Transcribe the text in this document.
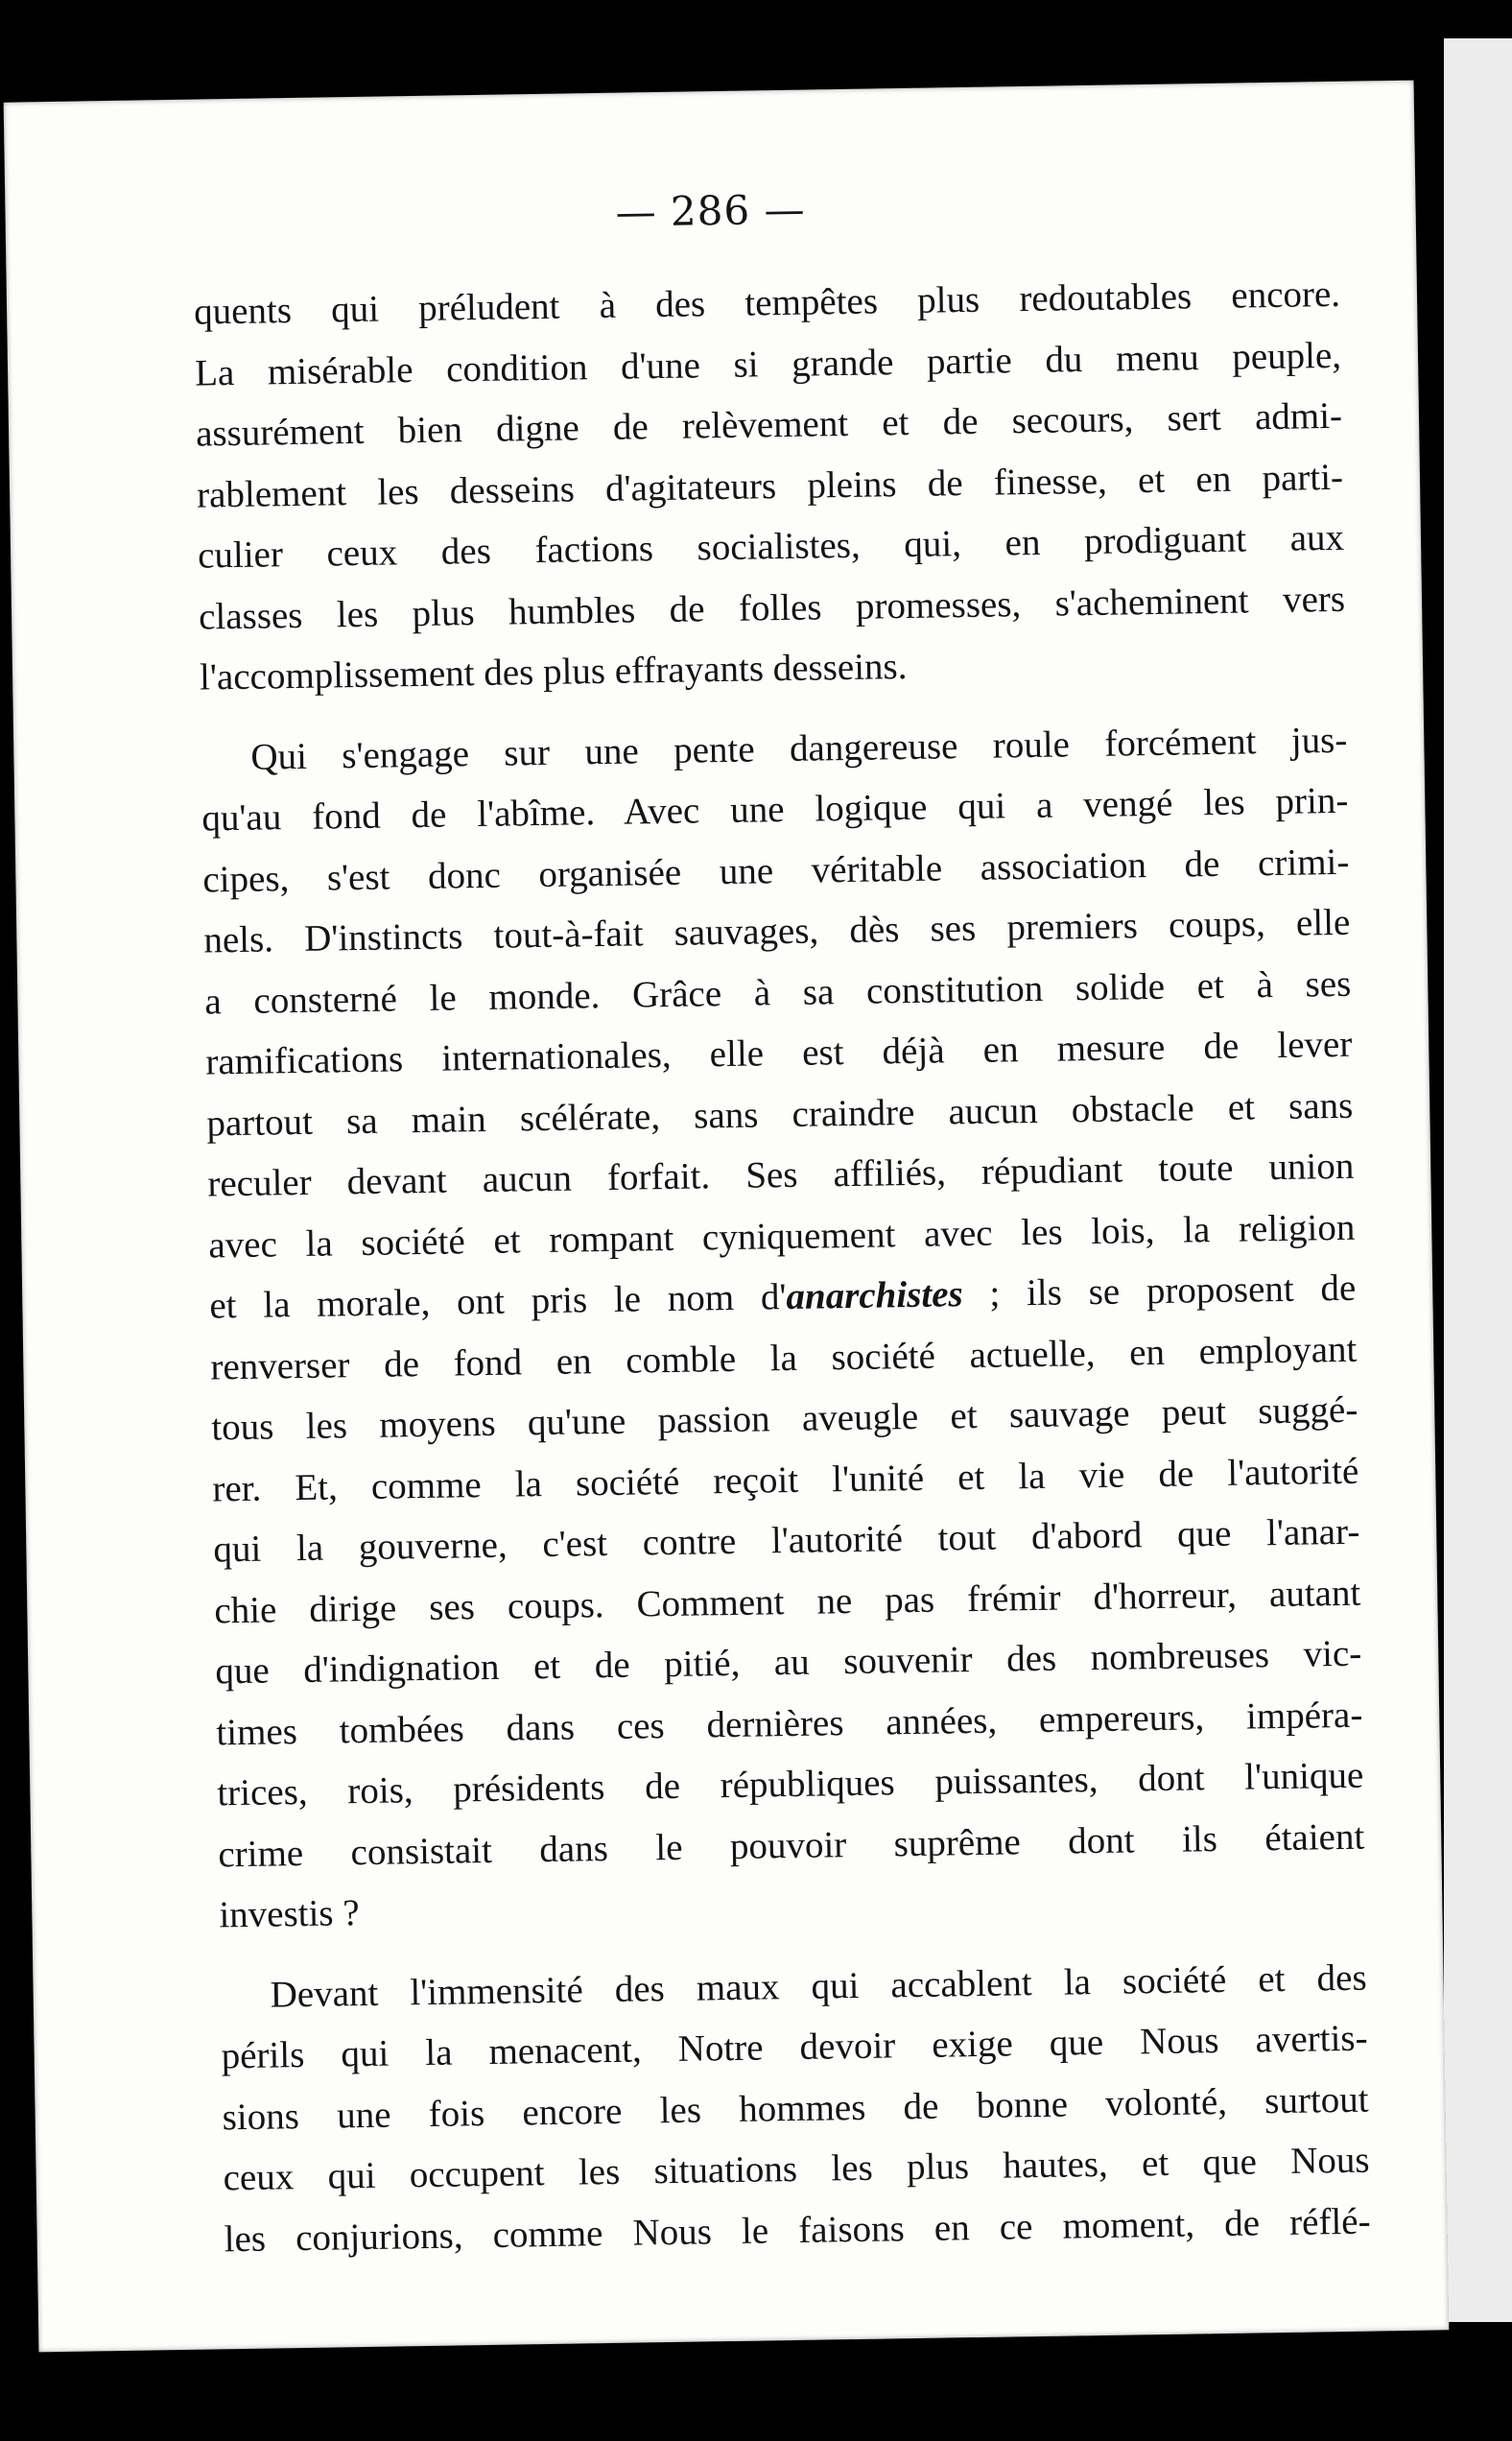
— 286 —
quents qui préludent à des tempêtes plus redoutables encore.
La misérable condition d'une si grande partie du menu peuple,
assurément bien digne de relèvement et de secours, sert admi-
rablement les desseins d'agitateurs pleins de finesse, et en parti-
culier ceux des factions socialistes, qui, en prodiguant aux
classes les plus humbles de folles promesses, s'acheminent vers
l'accomplissement des plus effrayants desseins.
Qui s'engage sur une pente dangereuse roule forcément jus-
qu'au fond de l'abîme. Avec une logique qui a vengé les prin-
cipes, s'est donc organisée une véritable association de crimi-
nels. D'instincts tout-à-fait sauvages, dès ses premiers coups, elle
a consterné le monde. Grâce à sa constitution solide et à ses
ramifications internationales, elle est déjà en mesure de lever
partout sa main scélérate, sans craindre aucun obstacle et sans
reculer devant aucun forfait. Ses affiliés, répudiant toute union
avec la société et rompant cyniquement avec les lois, la religion
et la morale, ont pris le nom d'anarchistes ; ils se proposent de
renverser de fond en comble la société actuelle, en employant
tous les moyens qu'une passion aveugle et sauvage peut suggé-
rer. Et, comme la société reçoit l'unité et la vie de l'autorité
qui la gouverne, c'est contre l'autorité tout d'abord que l'anar-
chie dirige ses coups. Comment ne pas frémir d'horreur, autant
que d'indignation et de pitié, au souvenir des nombreuses vic-
times tombées dans ces dernières années, empereurs, impéra-
trices, rois, présidents de républiques puissantes, dont l'unique
crime consistait dans le pouvoir suprême dont ils étaient
investis ?
Devant l'immensité des maux qui accablent la société et des
périls qui la menacent, Notre devoir exige que Nous avertis-
sions une fois encore les hommes de bonne volonté, surtout
ceux qui occupent les situations les plus hautes, et que Nous
les conjurions, comme Nous le faisons en ce moment, de réflé-
